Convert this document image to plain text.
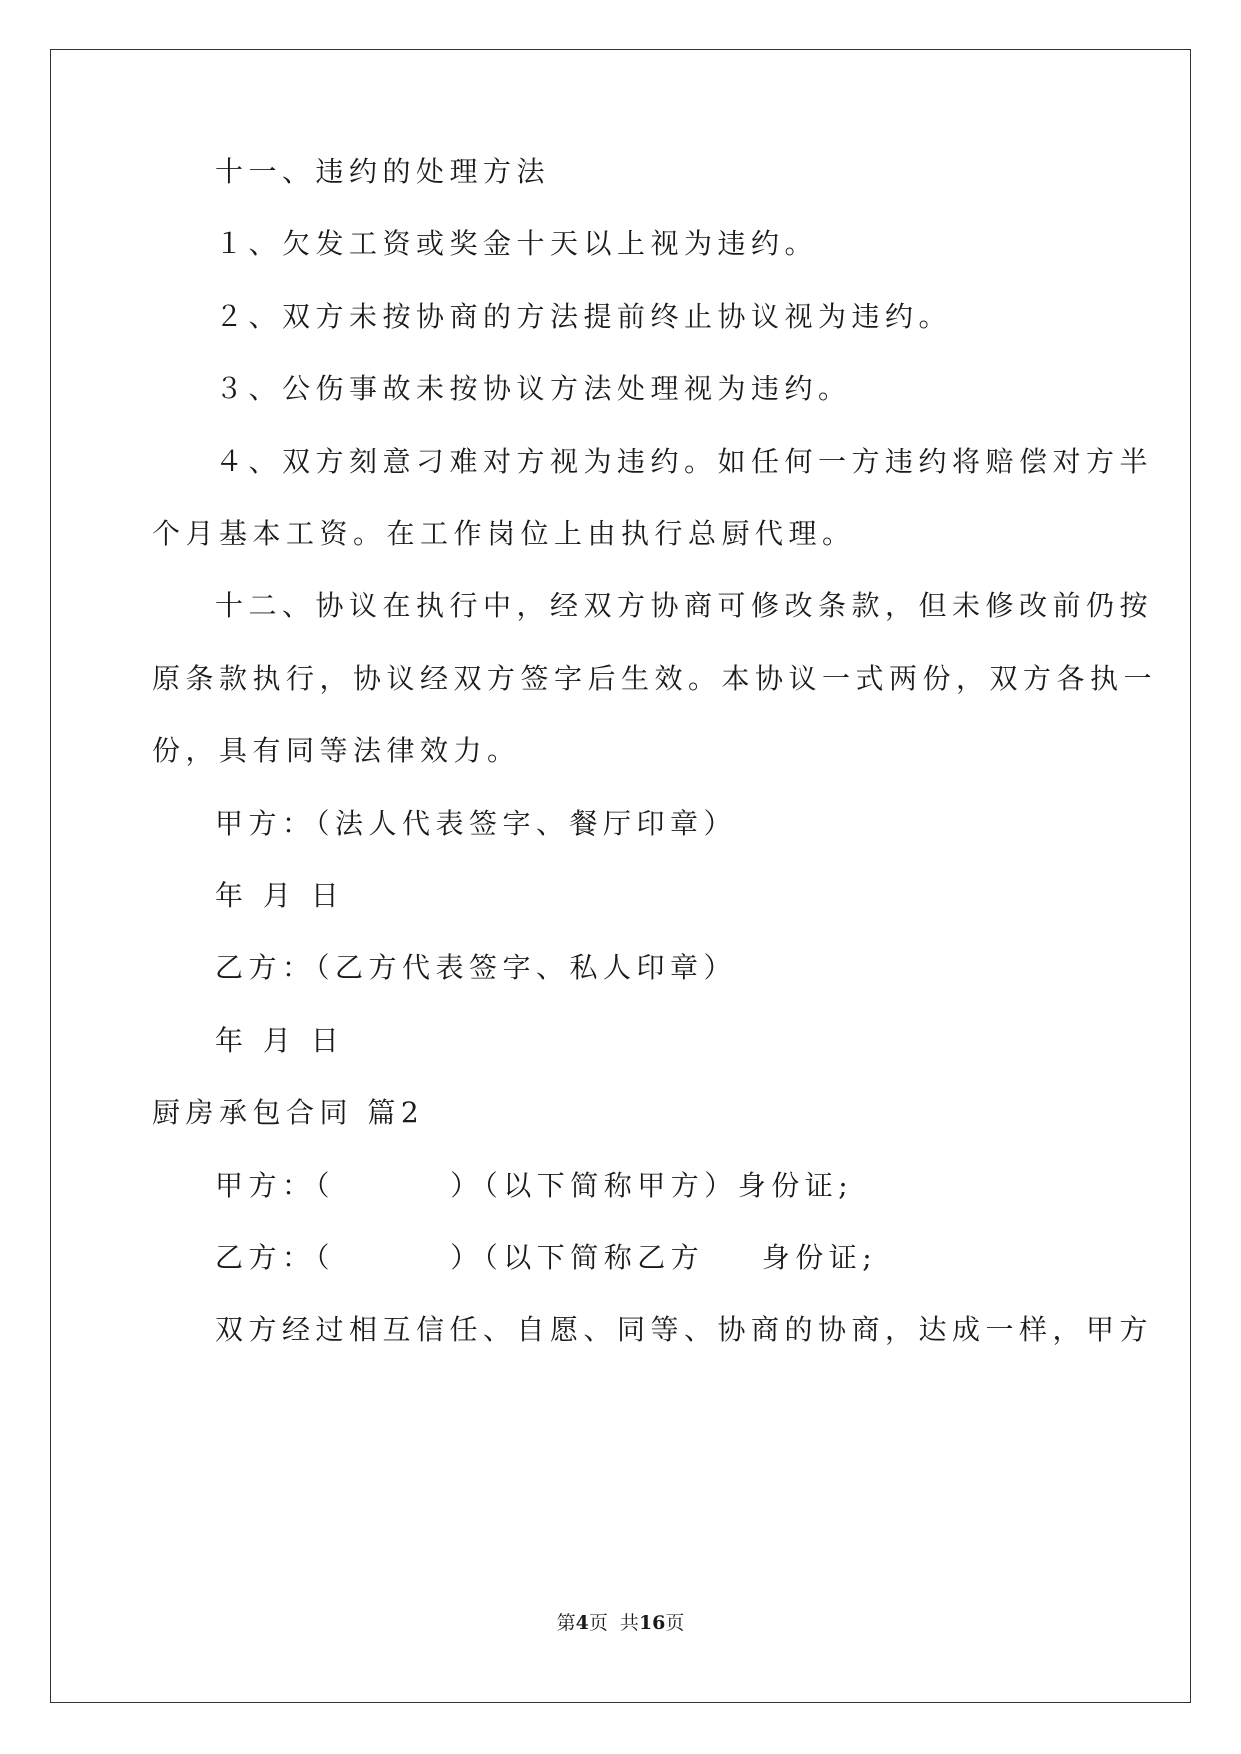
十一、违约的处理方法
１、欠发工资或奖金十天以上视为违约。
２、双方未按协商的方法提前终止协议视为违约。
３、公伤事故未按协议方法处理视为违约。
４、双方刻意刁难对方视为违约。如任何一方违约将赔偿对方半
个月基本工资。在工作岗位上由执行总厨代理。
十二、协议在执行中，经双方协商可修改条款，但未修改前仍按
原条款执行，协议经双方签字后生效。本协议一式两份，双方各执一
份，具有同等法律效力。
甲方：（法人代表签字、餐厅印章）
年 月 日
乙方：（乙方代表签字、私人印章）
年 月 日
厨房承包合同 篇2
甲方：（        ）（以下简称甲方）身份证;
乙方：（        ）（以下简称乙方    身份证;
双方经过相互信任、自愿、同等、协商的协商，达成一样，甲方
第4页  共16页
